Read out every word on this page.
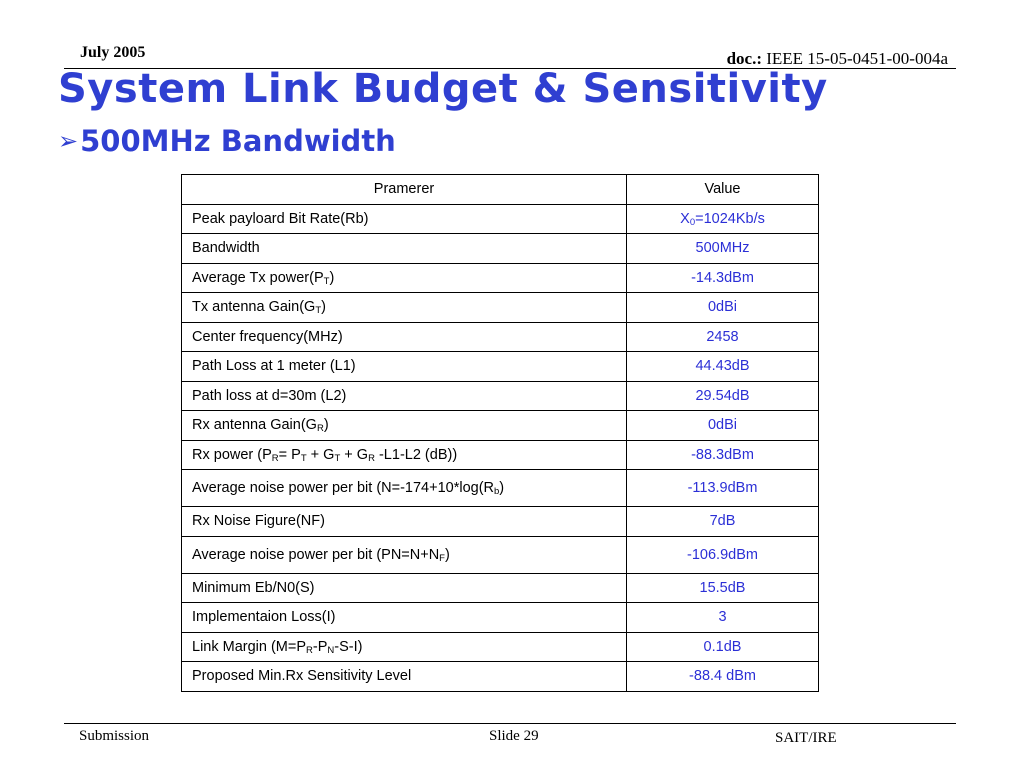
July 2005	doc.: IEEE 15-05-0451-00-004a
System Link Budget & Sensitivity
➢500MHz Bandwidth
Pramerer	Value
Peak payloard Bit Rate(Rb)	$X_0=1024Kb/s$
Bandwidth	500MHz
Average Tx $power(P_T)$	-14.3dBm
Tx antenna $Gain(G_T)$	0dBi
Center frequency(MHz)	2458
Path Loss at 1 meter (L1)	44.43dB
Path loss at d=30m (L2)	29.54dB
Rx antenna $Gain(G_R)$	0dBi
Rx power ($P_R= P_T + G_T + G_R$ -L1-L2 (dB))	-88.3dBm
Average noise power per bit ($N=-174+10*\log(R_b)$	-113.9dBm
Rx Noise Figure(NF)	7dB
Average noise power per bit $(PN=N+N_F)$	-106.9dBm
Minimum Eb/N0(S)	15.5dB
Implementaion Loss(I)	3
Link Margin $(M=P_R-P_N-S-I)$	0.1dB
Proposed Min.Rx Sensitivity Level	-88.4 dBm
Submission	Slide 29	SAIT/IRE
